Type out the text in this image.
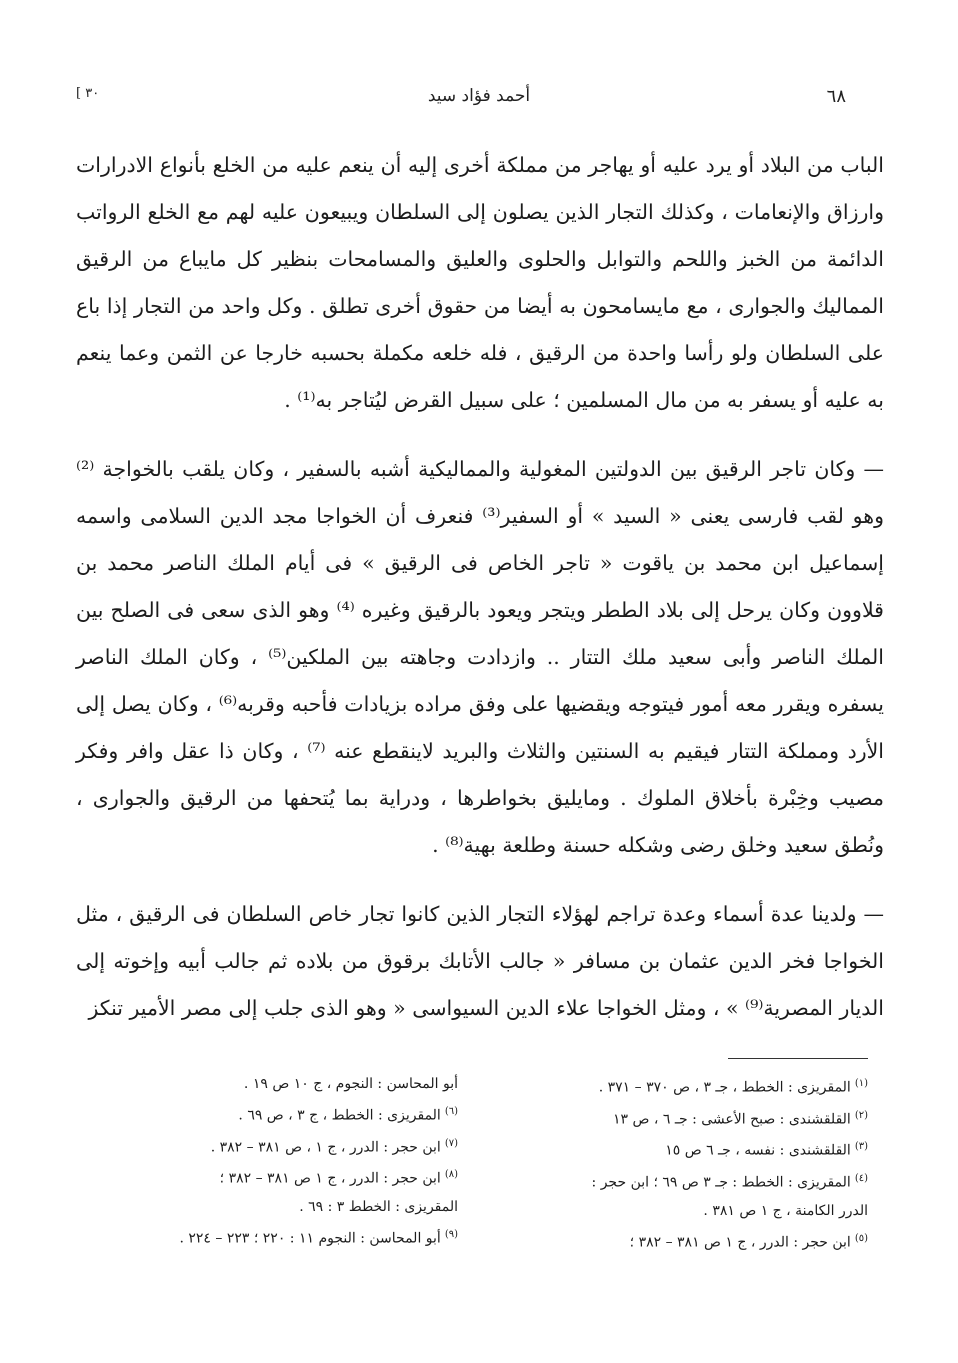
[ ٣٠	أحمد فؤاد سيد	٦٨

الباب من البلاد أو يرد عليه أو يهاجر من مملكة أخرى إليه أن ينعم عليه من الخلع بأنواع الادرارات وارزاق والإنعامات ، وكذلك التجار الذين يصلون إلى السلطان ويبيعون عليه لهم مع الخلع الرواتب الدائمة من الخبز واللحم والتوابل والحلوى والعليق والمسامحات بنظير كل مايباع من الرقيق المماليك والجوارى ، مع مايسامحون به أيضا من حقوق أخرى تطلق . وكل واحد من التجار إذا باع على السلطان ولو رأسا واحدة من الرقيق ، فله خلعه مكملة بحسبه خارجا عن الثمن وعما ينعم به عليه أو يسفر به من مال المسلمين ؛ على سبيل القرض ليُتاجر به⁽¹⁾ .

— وكان تاجر الرقيق بين الدولتين المغولية والمماليكية أشبه بالسفير ، وكان يلقب بالخواجة ⁽²⁾ وهو لقب فارسى يعنى « السيد » أو السفير⁽³⁾ فنعرف أن الخواجا مجد الدين السلامى واسمه إسماعيل ابن محمد بن ياقوت « تاجر الخاص فى الرقيق » فى أيام الملك الناصر محمد بن قلاوون وكان يرحل إلى بلاد الططر ويتجر ويعود بالرقيق وغيره ⁽⁴⁾ وهو الذى سعى فى الصلح بين الملك الناصر وأبى سعيد ملك التتار .. وازدادت وجاهته بين الملكين⁽⁵⁾ ، وكان الملك الناصر يسفره ويقرر معه أمور فيتوجه ويقضيها على وفق مراده بزيادات فأحبه وقربه⁽⁶⁾ ، وكان يصل إلى الأرد ومملكة التتار فيقيم به السنتين والثلاث والبريد لاينقطع عنه ⁽⁷⁾ ، وكان ذا عقل وافر وفكر مصيب وخِبْرة بأخلاق الملوك . ومايليق بخواطرها ، ودراية بما يُتحفها من الرقيق والجوارى ، ونُطق سعيد وخلق رضى وشكله حسنة وطلعة بهية⁽⁸⁾ .

— ولدينا عدة أسماء وعدة تراجم لهؤلاء التجار الذين كانوا تجار خاص السلطان فى الرقيق ، مثل الخواجا فخر الدين عثمان بن مسافر « جالب الأتابك برقوق من بلاده ثم جالب أبيه وإخوته إلى الديار المصرية⁽⁹⁾ » ، ومثل الخواجا علاء الدين السيواسى « وهو الذى جلب إلى مصر الأمير تنكز

$^{(١)}$المقريزى : الخطط ، جـ ٣ ، ص ٣٧٠ – ٣٧١ .
$^{(٢)}$القلقشندى : صبح الأعشى : جـ ٦ ، ص ١٣
$^{(٣)}$القلقشندى : نفسه ، جـ ٦ ص ١٥
$^{(٤)}$المقريزى : الخطط : جـ ٣ ص ٦٩ ؛ ابن حجر :
الدرر الكامنة ، ج ١ ص ٣٨١ .
$^{(٥)}$ابن حجر : الدرر ، ج ١ ص ٣٨١ – ٣٨٢ ؛
أبو المحاسن : النجوم ، ج ١٠ ص ١٩ .
$^{(٦)}$المقريزى : الخطط ، ج ٣ ، ص ٦٩ .
$^{(٧)}$ابن حجر : الدرر ، ج ١ ، ص ٣٨١ – ٣٨٢ .
$^{(٨)}$ابن حجر : الدرر ، ج ١ ص ٣٨١ – ٣٨٢ ؛
المقريزى : الخطط ٣ : ٦٩ .
$^{(٩)}$أبو المحاسن : النجوم ١١ : ٢٢٠ ؛ ٢٢٣ – ٢٢٤ .
